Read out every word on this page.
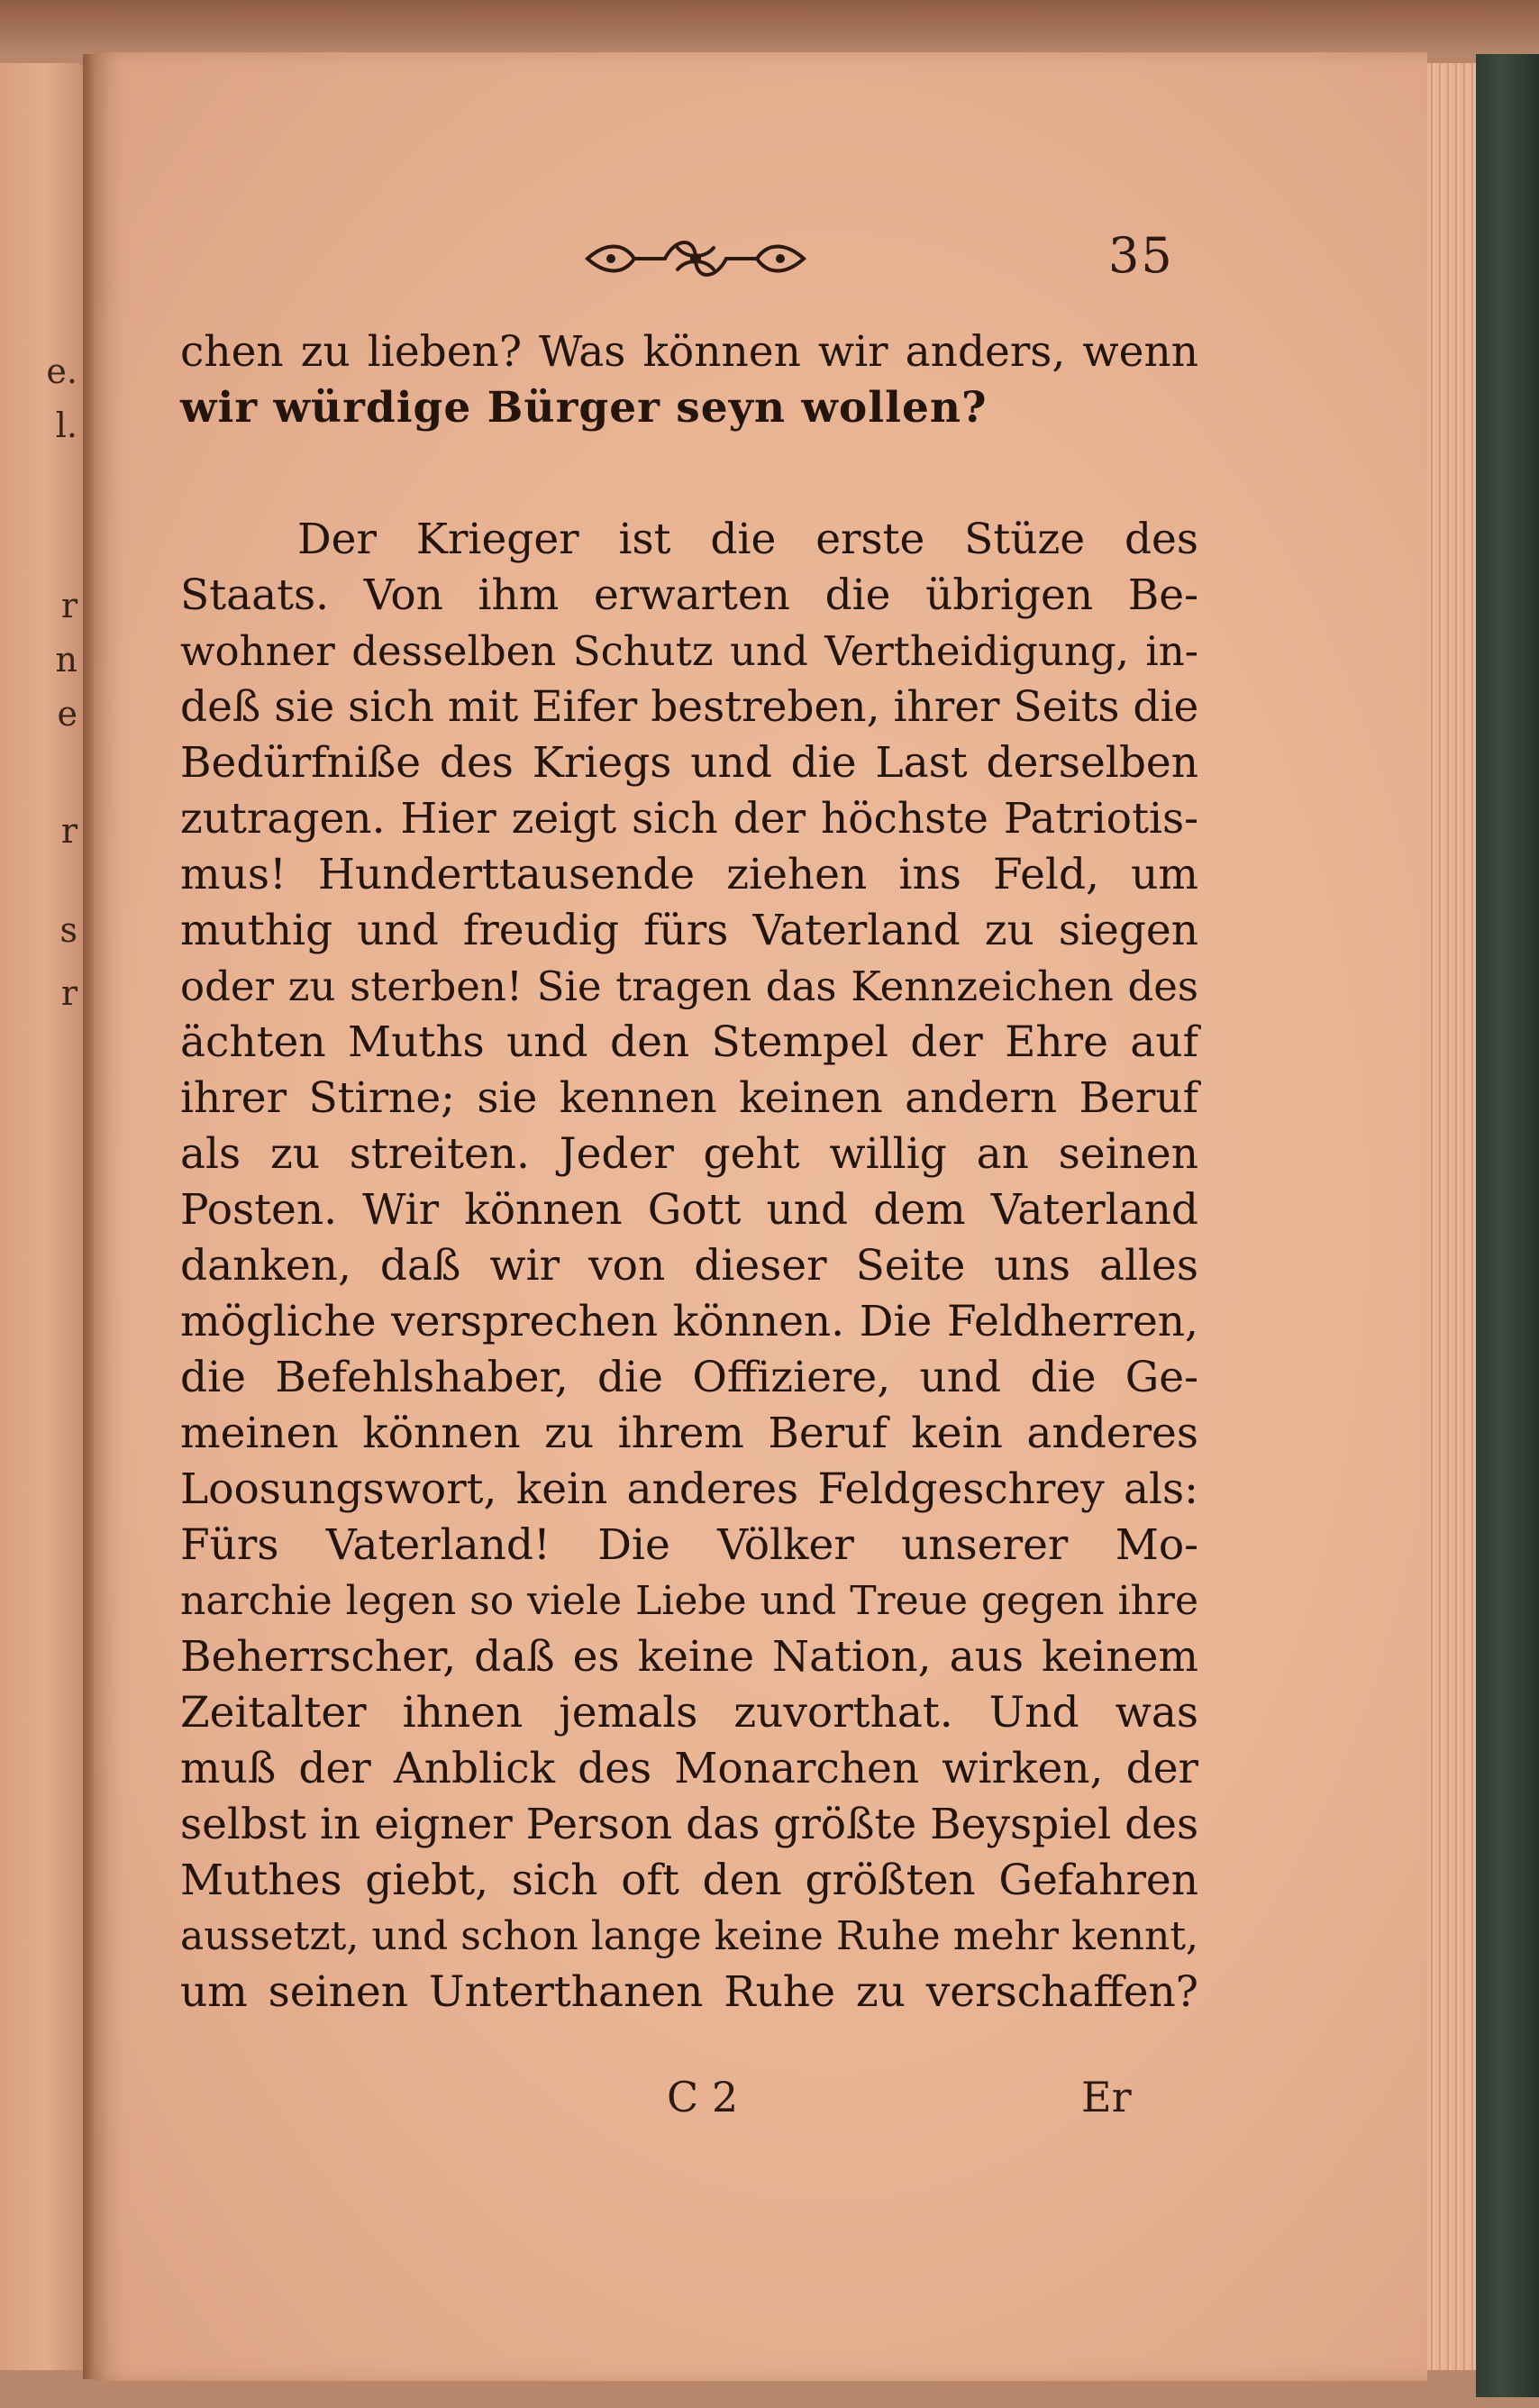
e.
l.
r
n
e
r
s
r
35
chen zu lieben? Was können wir anders, wenn
wir würdige Bürger seyn wollen?
Der Krieger ist die erste Stüze des
Staats. Von ihm erwarten die übrigen Be-
wohner desselben Schutz und Vertheidigung, in-
deß sie sich mit Eifer bestreben, ihrer Seits die
Bedürfniße des Kriegs und die Last derselben
zutragen. Hier zeigt sich der höchste Patriotis-
mus! Hunderttausende ziehen ins Feld, um
muthig und freudig fürs Vaterland zu siegen
oder zu sterben! Sie tragen das Kennzeichen des
ächten Muths und den Stempel der Ehre auf
ihrer Stirne; sie kennen keinen andern Beruf
als zu streiten. Jeder geht willig an seinen
Posten. Wir können Gott und dem Vaterland
danken, daß wir von dieser Seite uns alles
mögliche versprechen können. Die Feldherren,
die Befehlshaber, die Offiziere, und die Ge-
meinen können zu ihrem Beruf kein anderes
Loosungswort, kein anderes Feldgeschrey als:
Fürs Vaterland! Die Völker unserer Mo-
narchie legen so viele Liebe und Treue gegen ihre
Beherrscher, daß es keine Nation, aus keinem
Zeitalter ihnen jemals zuvorthat. Und was
muß der Anblick des Monarchen wirken, der
selbst in eigner Person das größte Beyspiel des
Muthes giebt, sich oft den größten Gefahren
aussetzt, und schon lange keine Ruhe mehr kennt,
um seinen Unterthanen Ruhe zu verschaffen?
C 2	Er
